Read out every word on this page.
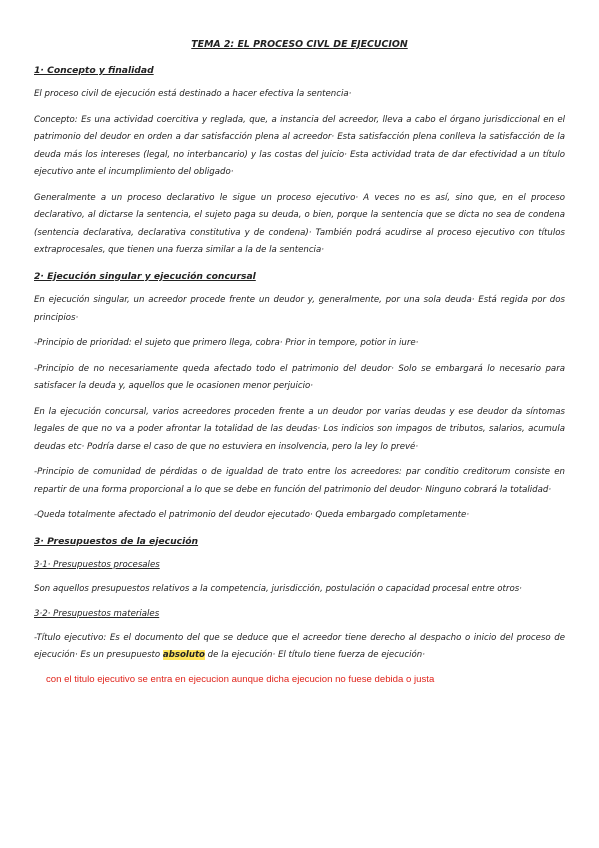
TEMA 2: EL PROCESO CIVL DE EJECUCION
1· Concepto y finalidad

El proceso civil de ejecución está destinado a hacer efectiva la sentencia·

Concepto: Es una actividad coercitiva y reglada, que, a instancia del acreedor, lleva a cabo el órgano jurisdiccional en el patrimonio del deudor en orden a dar satisfacción plena al acreedor· Esta satisfacción plena conlleva la satisfacción de la deuda más los intereses (legal, no interbancario) y las costas del juicio· Esta actividad trata de dar efectividad a un título ejecutivo ante el incumplimiento del obligado·

Generalmente a un proceso declarativo le sigue un proceso ejecutivo· A veces no es así, sino que, en el proceso declarativo, al dictarse la sentencia, el sujeto paga su deuda, o bien, porque la sentencia que se dicta no sea de condena (sentencia declarativa, declarativa constitutiva y de condena)· También podrá acudirse al proceso ejecutivo con títulos extraprocesales, que tienen una fuerza similar a la de la sentencia·

2· Ejecución singular y ejecución concursal

En ejecución singular, un acreedor procede frente un deudor y, generalmente, por una sola deuda· Está regida por dos principios·

-Principio de prioridad: el sujeto que primero llega, cobra· Prior in tempore, potior in iure·

-Principio de no necesariamente queda afectado todo el patrimonio del deudor· Solo se embargará lo necesario para satisfacer la deuda y, aquellos que le ocasionen menor perjuicio·

En la ejecución concursal, varios acreedores proceden frente a un deudor por varias deudas y ese deudor da síntomas legales de que no va a poder afrontar la totalidad de las deudas· Los indicios son impagos de tributos, salarios, acumula deudas etc· Podría darse el caso de que no estuviera en insolvencia, pero la ley lo prevé·

-Principio de comunidad de pérdidas o de igualdad de trato entre los acreedores: par conditio creditorum consiste en repartir de una forma proporcional a lo que se debe en función del patrimonio del deudor· Ninguno cobrará la totalidad·

-Queda totalmente afectado el patrimonio del deudor ejecutado· Queda embargado completamente·

3· Presupuestos de la ejecución
3·1· Presupuestos procesales

Son aquellos presupuestos relativos a la competencia, jurisdicción, postulación o capacidad procesal entre otros·

3·2· Presupuestos materiales

-Título ejecutivo: Es el documento del que se deduce que el acreedor tiene derecho al despacho o inicio del proceso de ejecución· Es un presupuesto absoluto de la ejecución· El título tiene fuerza de ejecución·

con el titulo ejecutivo se entra en ejecucion aunque dicha ejecucion no fuese debida o justa
